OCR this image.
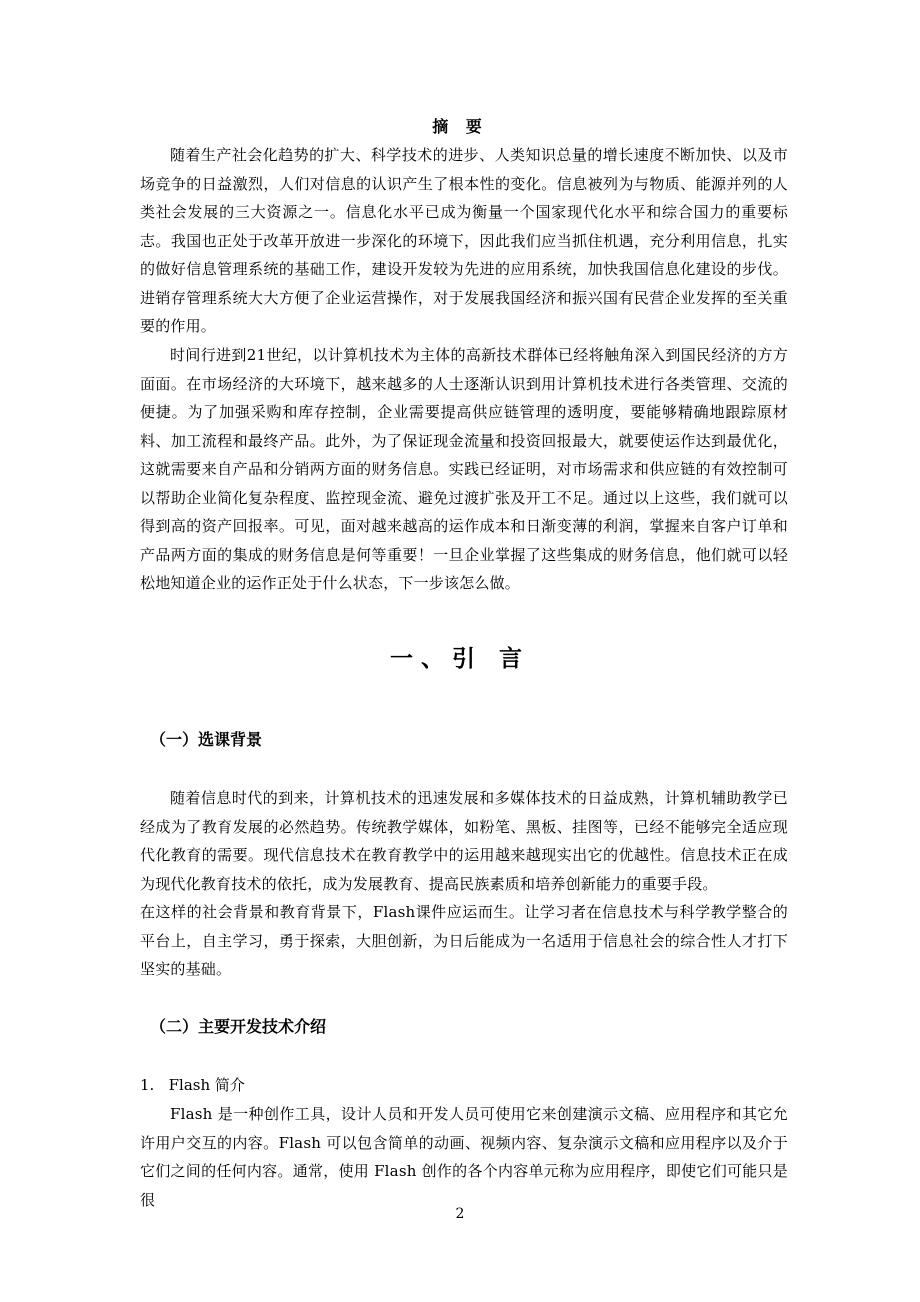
摘 要

随着生产社会化趋势的扩大、科学技术的进步、人类知识总量的增长速度不断加快、以及市场竞争的日益激烈，人们对信息的认识产生了根本性的变化。信息被列为与物质、能源并列的人类社会发展的三大资源之一。信息化水平已成为衡量一个国家现代化水平和综合国力的重要标志。我国也正处于改革开放进一步深化的环境下，因此我们应当抓住机遇，充分利用信息，扎实的做好信息管理系统的基础工作，建设开发较为先进的应用系统，加快我国信息化建设的步伐。进销存管理系统大大方便了企业运营操作，对于发展我国经济和振兴国有民营企业发挥的至关重要的作用。

时间行进到21世纪，以计算机技术为主体的高新技术群体已经将触角深入到国民经济的方方面面。在市场经济的大环境下，越来越多的人士逐渐认识到用计算机技术进行各类管理、交流的便捷。为了加强采购和库存控制，企业需要提高供应链管理的透明度，要能够精确地跟踪原材料、加工流程和最终产品。此外，为了保证现金流量和投资回报最大，就要使运作达到最优化，这就需要来自产品和分销两方面的财务信息。实践已经证明，对市场需求和供应链的有效控制可以帮助企业简化复杂程度、监控现金流、避免过渡扩张及开工不足。通过以上这些，我们就可以得到高的资产回报率。可见，面对越来越高的运作成本和日渐变薄的利润，掌握来自客户订单和产品两方面的集成的财务信息是何等重要！一旦企业掌握了这些集成的财务信息，他们就可以轻松地知道企业的运作正处于什么状态，下一步该怎么做。

一、引 言
（一）选课背景

随着信息时代的到来，计算机技术的迅速发展和多媒体技术的日益成熟，计算机辅助教学已经成为了教育发展的必然趋势。传统教学媒体，如粉笔、黑板、挂图等，已经不能够完全适应现代化教育的需要。现代信息技术在教育教学中的运用越来越现实出它的优越性。信息技术正在成为现代化教育技术的依托，成为发展教育、提高民族素质和培养创新能力的重要手段。

在这样的社会背景和教育背景下，Flash课件应运而生。让学习者在信息技术与科学教学整合的平台上，自主学习，勇于探索，大胆创新，为日后能成为一名适用于信息社会的综合性人才打下坚实的基础。

（二）主要开发技术介绍

1.   Flash 简介

Flash 是一种创作工具，设计人员和开发人员可使用它来创建演示文稿、应用程序和其它允许用户交互的内容。Flash 可以包含简单的动画、视频内容、复杂演示文稿和应用程序以及介于它们之间的任何内容。通常，使用 Flash 创作的各个内容单元称为应用程序，即使它们可能只是很

2
